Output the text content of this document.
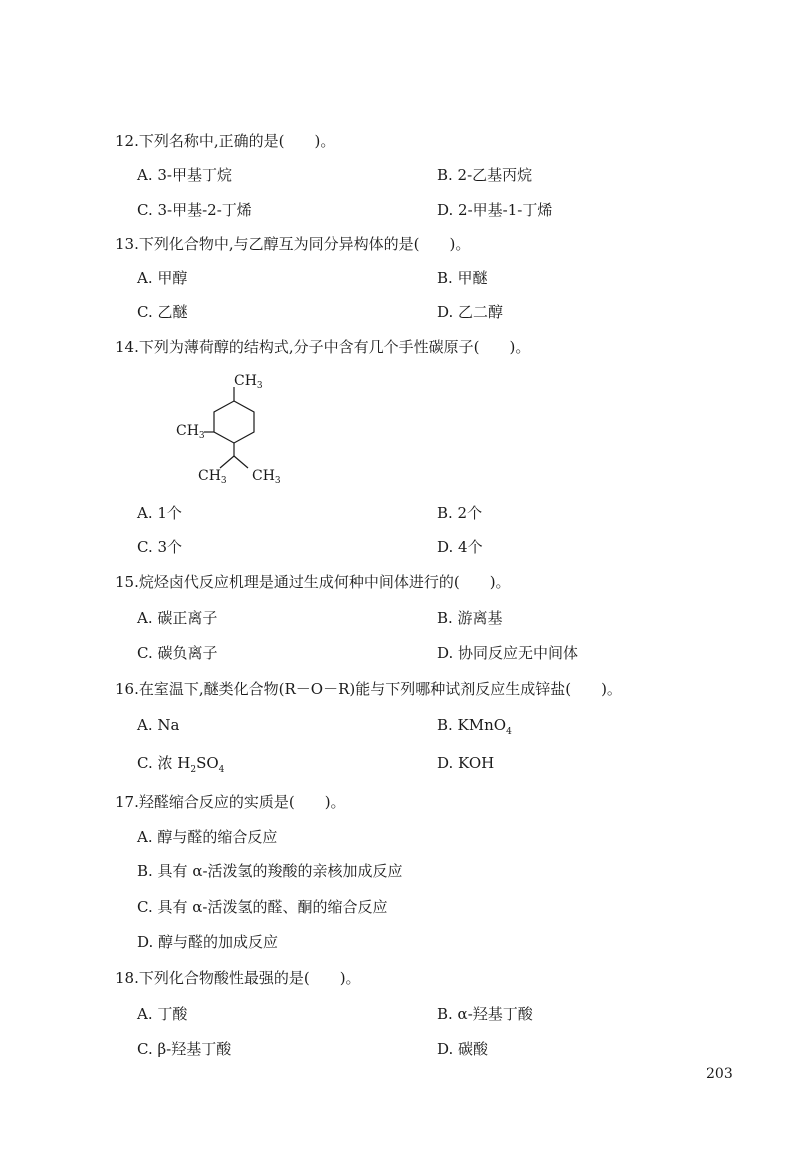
12.下列名称中,正确的是(　　)。
A. 3-甲基丁烷	B. 2-乙基丙烷
C. 3-甲基-2-丁烯	D. 2-甲基-1-丁烯
13.下列化合物中,与乙醇互为同分异构体的是(　　)。
A. 甲醇	B. 甲醚
C. 乙醚	D. 乙二醇
14.下列为薄荷醇的结构式,分子中含有几个手性碳原子(　　)。
$CH_3$
$CH_3$
$CH_3$ $CH_3$
A. 1个	B. 2个
C. 3个	D. 4个
15.烷烃卤代反应机理是通过生成何种中间体进行的(　　)。
A. 碳正离子	B. 游离基
C. 碳负离子	D. 协同反应无中间体
16.在室温下,醚类化合物(R－O－R)能与下列哪种试剂反应生成锌盐(　　)。
A. Na	B. KMnO$_4$
C. 浓 $H_2SO_4$	D. KOH
17.羟醛缩合反应的实质是(　　)。
A. 醇与醛的缩合反应
B. 具有 α-活泼氢的羧酸的亲核加成反应
C. 具有 α-活泼氢的醛、酮的缩合反应
D. 醇与醛的加成反应
18.下列化合物酸性最强的是(　　)。
A. 丁酸	B. α-羟基丁酸
C. β-羟基丁酸	D. 碳酸
203
